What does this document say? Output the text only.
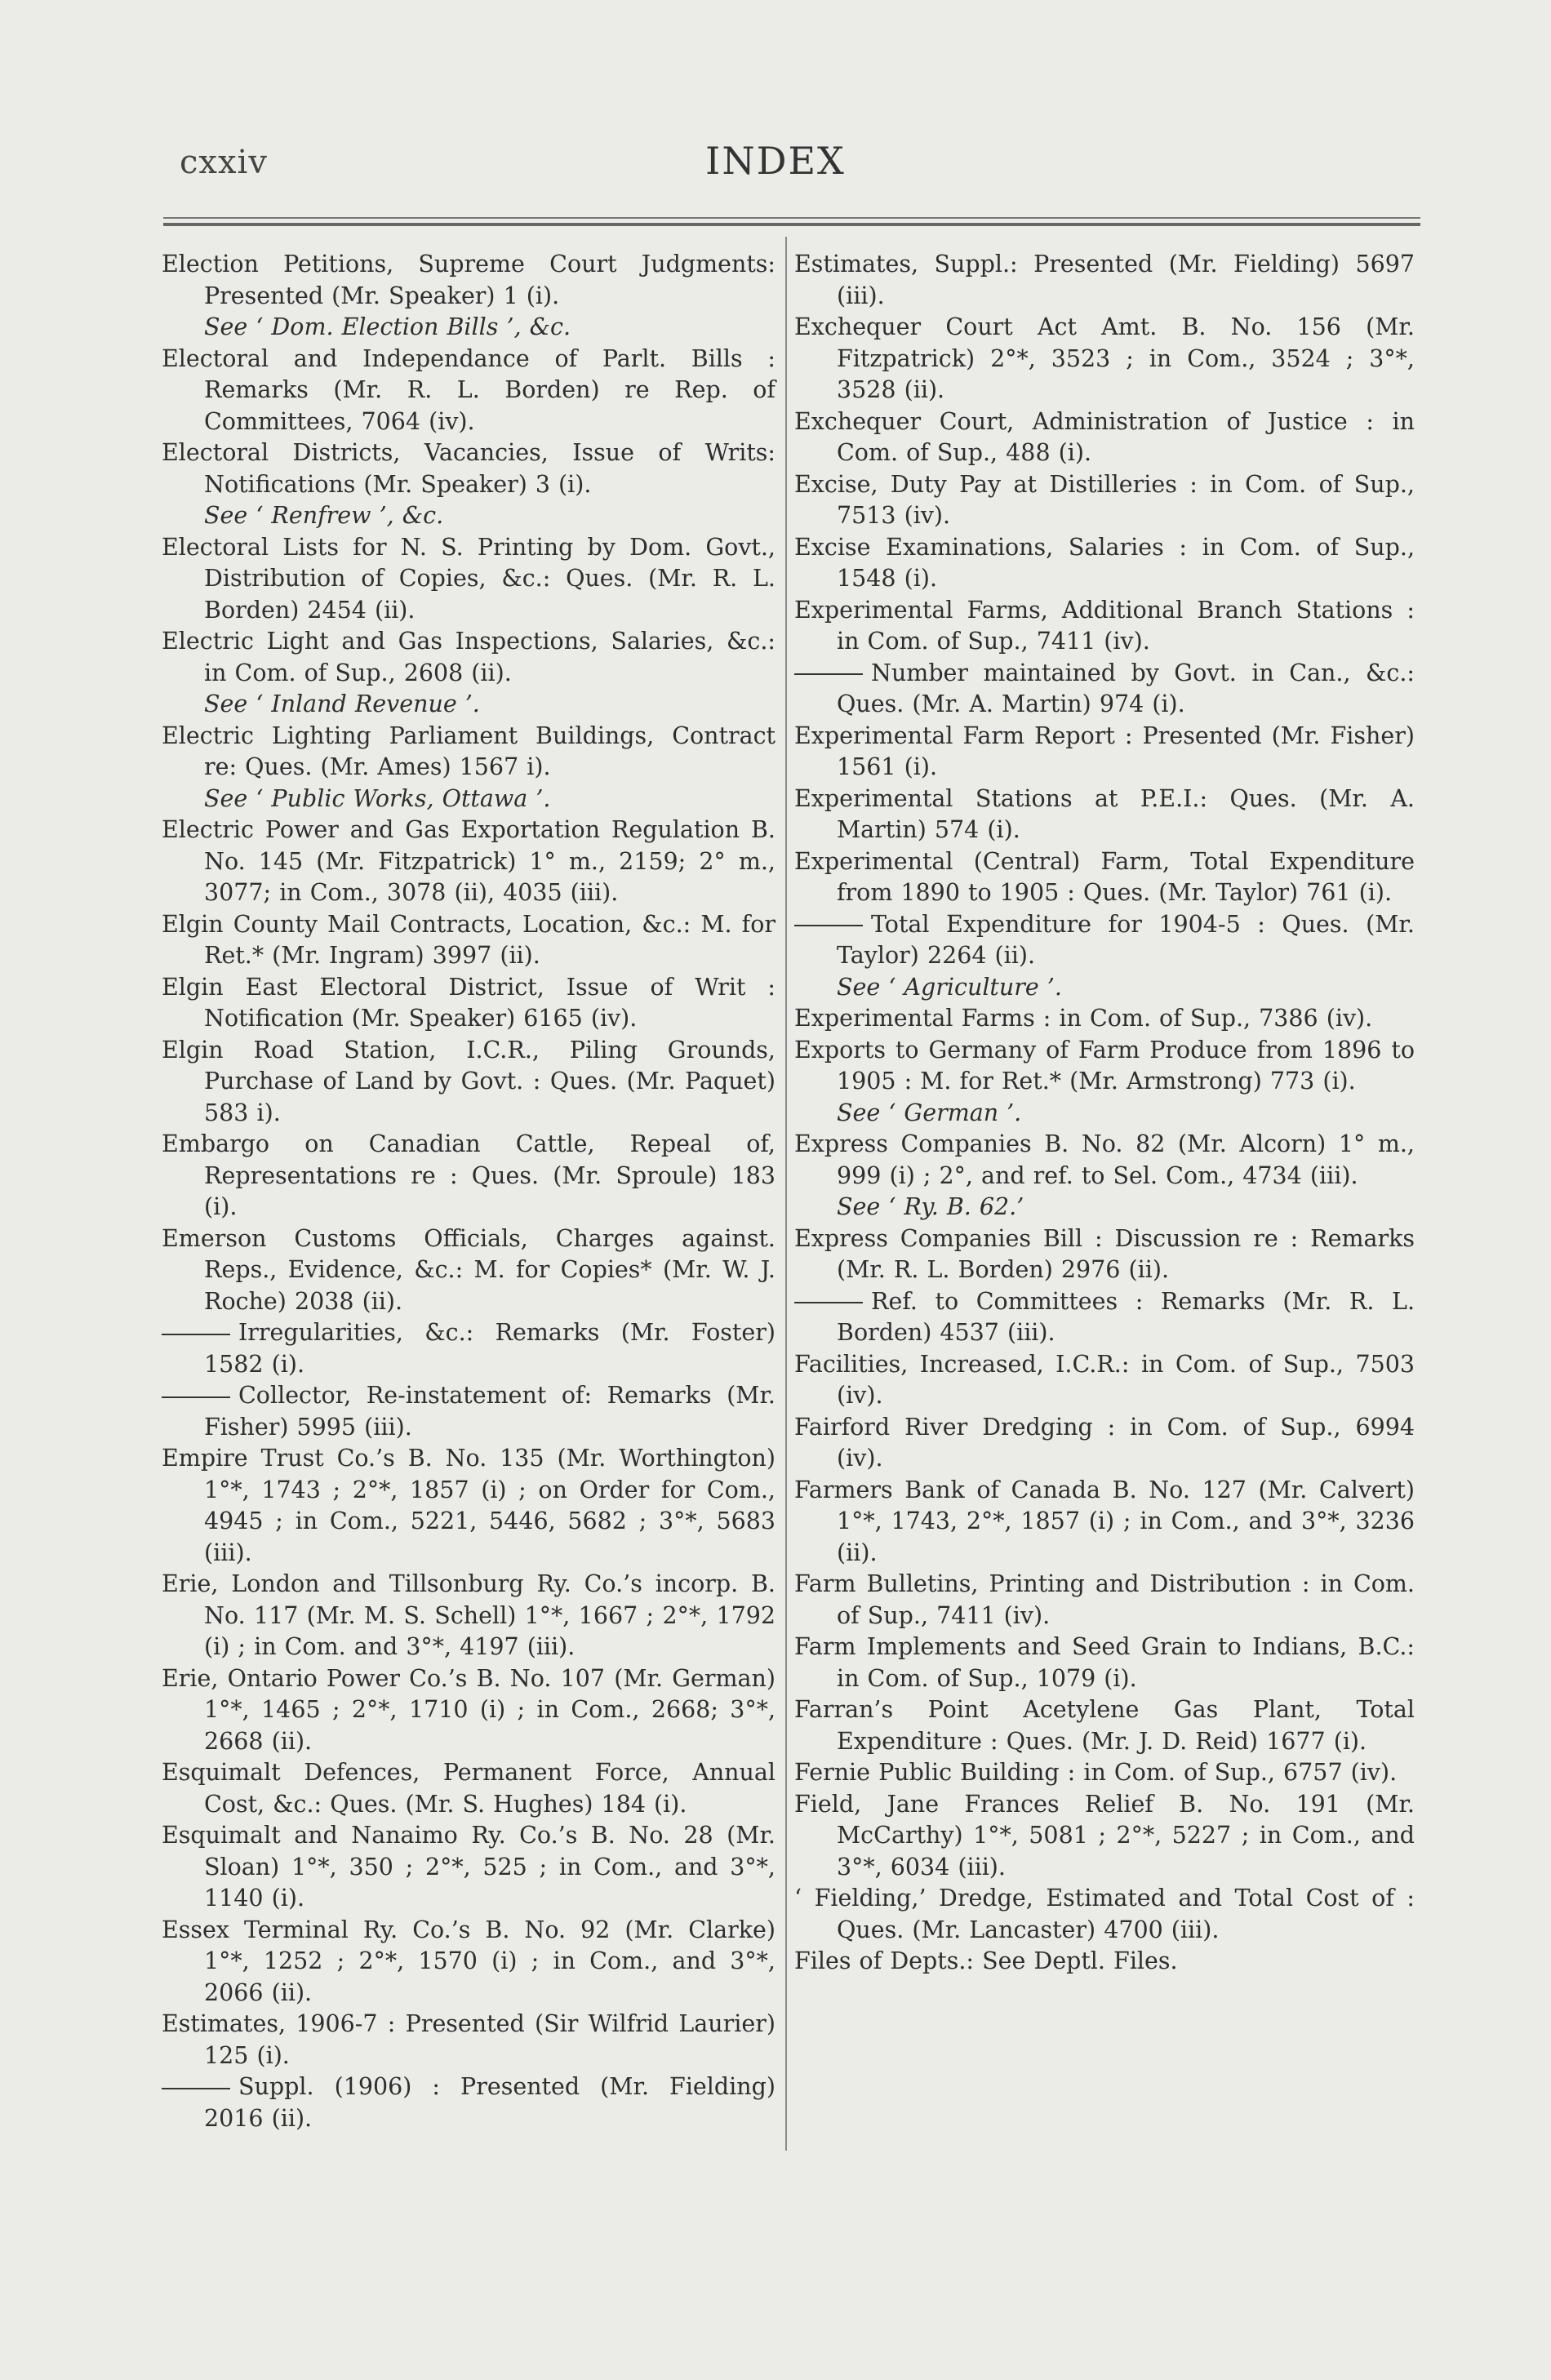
cxxiv	INDEX

Election Petitions, Supreme Court Judgments: Presented (Mr. Speaker) 1 (i).

See ‘ Dom. Election Bills ’, &c.

Electoral and Independance of Parlt. Bills : Remarks (Mr. R. L. Borden) re Rep. of Committees, 7064 (iv).

Electoral Districts, Vacancies, Issue of Writs: Notifications (Mr. Speaker) 3 (i).

See ‘ Renfrew ’, &c.

Electoral Lists for N. S. Printing by Dom. Govt., Distribution of Copies, &c.: Ques. (Mr. R. L. Borden) 2454 (ii).

Electric Light and Gas Inspections, Salaries, &c.: in Com. of Sup., 2608 (ii).

See ‘ Inland Revenue ’.

Electric Lighting Parliament Buildings, Contract re: Ques. (Mr. Ames) 1567 i).

See ‘ Public Works, Ottawa ’.

Electric Power and Gas Exportation Regulation B. No. 145 (Mr. Fitzpatrick) 1° m., 2159; 2° m., 3077; in Com., 3078 (ii), 4035 (iii).

Elgin County Mail Contracts, Location, &c.: M. for Ret.* (Mr. Ingram) 3997 (ii).

Elgin East Electoral District, Issue of Writ : Notification (Mr. Speaker) 6165 (iv).

Elgin Road Station, I.C.R., Piling Grounds, Purchase of Land by Govt. : Ques. (Mr. Paquet) 583 i).

Embargo on Canadian Cattle, Repeal of, Representations re : Ques. (Mr. Sproule) 183 (i).

Emerson Customs Officials, Charges against. Reps., Evidence, &c.: M. for Copies* (Mr. W. J. Roche) 2038 (ii).

Irregularities, &c.: Remarks (Mr. Foster) 1582 (i).

Collector, Re-instatement of: Remarks (Mr. Fisher) 5995 (iii).

Empire Trust Co.’s B. No. 135 (Mr. Worthington) 1°*, 1743 ; 2°*, 1857 (i) ; on Order for Com., 4945 ; in Com., 5221, 5446, 5682 ; 3°*, 5683 (iii).

Erie, London and Tillsonburg Ry. Co.’s incorp. B. No. 117 (Mr. M. S. Schell) 1°*, 1667 ; 2°*, 1792 (i) ; in Com. and 3°*, 4197 (iii).

Erie, Ontario Power Co.’s B. No. 107 (Mr. German) 1°*, 1465 ; 2°*, 1710 (i) ; in Com., 2668; 3°*, 2668 (ii).

Esquimalt Defences, Permanent Force, Annual Cost, &c.: Ques. (Mr. S. Hughes) 184 (i).

Esquimalt and Nanaimo Ry. Co.’s B. No. 28 (Mr. Sloan) 1°*, 350 ; 2°*, 525 ; in Com., and 3°*, 1140 (i).

Essex Terminal Ry. Co.’s B. No. 92 (Mr. Clarke) 1°*, 1252 ; 2°*, 1570 (i) ; in Com., and 3°*, 2066 (ii).

Estimates, 1906-7 : Presented (Sir Wilfrid Laurier) 125 (i).

Suppl. (1906) : Presented (Mr. Fielding) 2016 (ii).

Estimates, Suppl.: Presented (Mr. Fielding) 5697 (iii).

Exchequer Court Act Amt. B. No. 156 (Mr. Fitzpatrick) 2°*, 3523 ; in Com., 3524 ; 3°*, 3528 (ii).

Exchequer Court, Administration of Justice : in Com. of Sup., 488 (i).

Excise, Duty Pay at Distilleries : in Com. of Sup., 7513 (iv).

Excise Examinations, Salaries : in Com. of Sup., 1548 (i).

Experimental Farms, Additional Branch Stations : in Com. of Sup., 7411 (iv).

Number maintained by Govt. in Can., &c.: Ques. (Mr. A. Martin) 974 (i).

Experimental Farm Report : Presented (Mr. Fisher) 1561 (i).

Experimental Stations at P.E.I.: Ques. (Mr. A. Martin) 574 (i).

Experimental (Central) Farm, Total Expenditure from 1890 to 1905 : Ques. (Mr. Taylor) 761 (i).

Total Expenditure for 1904-5 : Ques. (Mr. Taylor) 2264 (ii).

See ‘ Agriculture ’.

Experimental Farms : in Com. of Sup., 7386 (iv).

Exports to Germany of Farm Produce from 1896 to 1905 : M. for Ret.* (Mr. Armstrong) 773 (i).

See ‘ German ’.

Express Companies B. No. 82 (Mr. Alcorn) 1° m., 999 (i) ; 2°, and ref. to Sel. Com., 4734 (iii).

See ‘ Ry. B. 62.’

Express Companies Bill : Discussion re : Remarks (Mr. R. L. Borden) 2976 (ii).

Ref. to Committees : Remarks (Mr. R. L. Borden) 4537 (iii).

Facilities, Increased, I.C.R.: in Com. of Sup., 7503 (iv).

Fairford River Dredging : in Com. of Sup., 6994 (iv).

Farmers Bank of Canada B. No. 127 (Mr. Calvert) 1°*, 1743, 2°*, 1857 (i) ; in Com., and 3°*, 3236 (ii).

Farm Bulletins, Printing and Distribution : in Com. of Sup., 7411 (iv).

Farm Implements and Seed Grain to Indians, B.C.: in Com. of Sup., 1079 (i).

Farran’s Point Acetylene Gas Plant, Total Expenditure : Ques. (Mr. J. D. Reid) 1677 (i).

Fernie Public Building : in Com. of Sup., 6757 (iv).

Field, Jane Frances Relief B. No. 191 (Mr. McCarthy) 1°*, 5081 ; 2°*, 5227 ; in Com., and 3°*, 6034 (iii).

‘ Fielding,’ Dredge, Estimated and Total Cost of : Ques. (Mr. Lancaster) 4700 (iii).

Files of Depts.: See Deptl. Files.
